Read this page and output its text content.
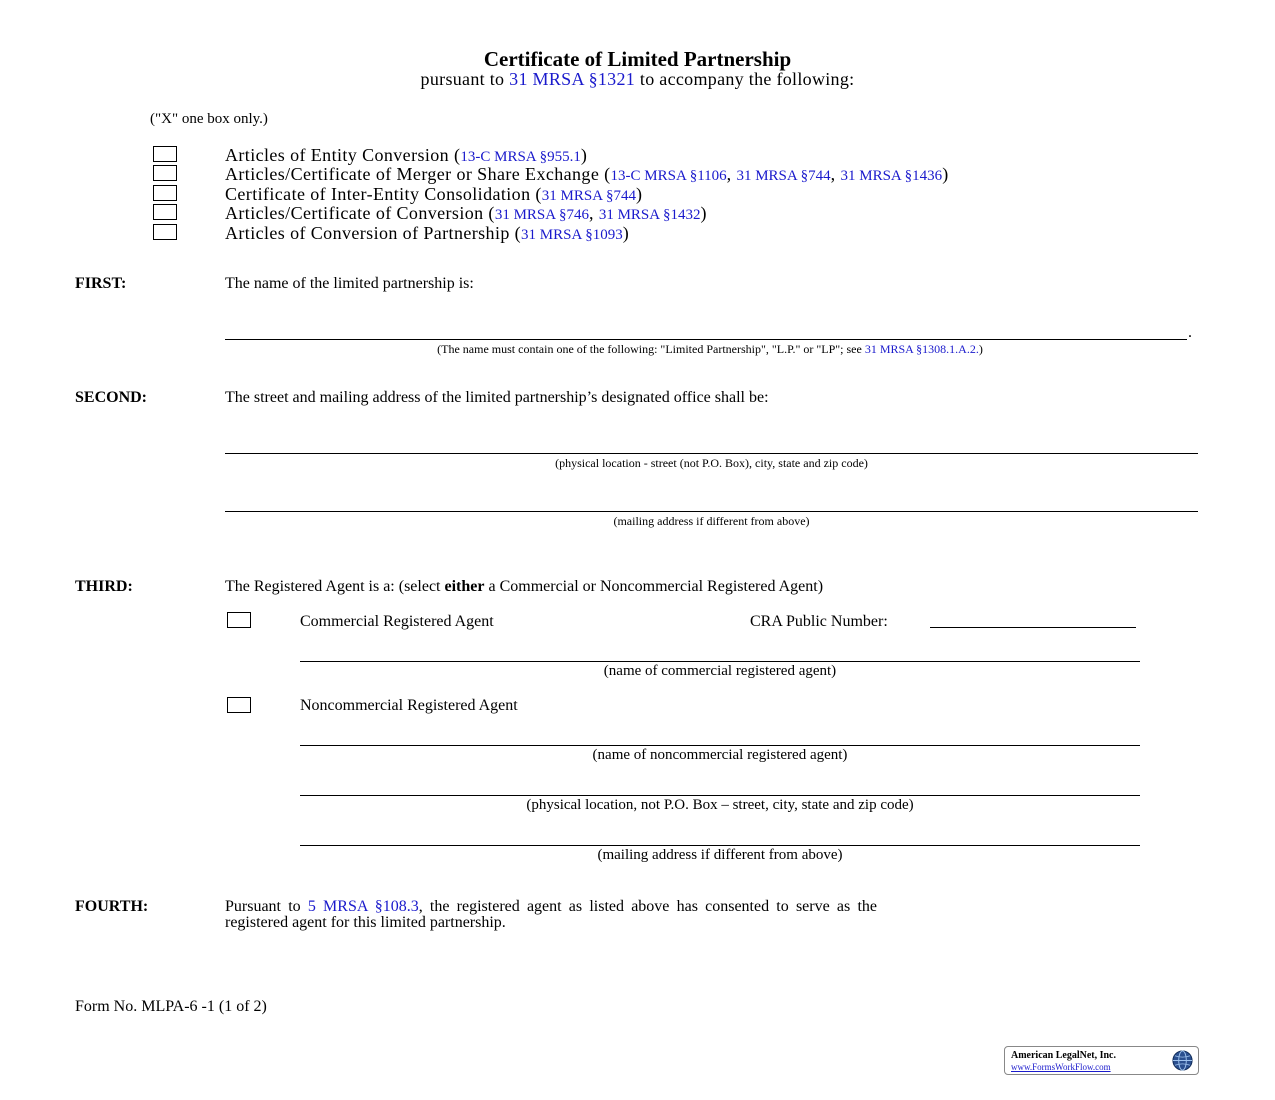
Certificate of Limited Partnership
pursuant to 31 MRSA §1321 to accompany the following:
("X" one box only.)
Articles of Entity Conversion (13-C MRSA §955.1)
Articles/Certificate of Merger or Share Exchange (13-C MRSA §1106, 31 MRSA §744, 31 MRSA §1436)
Certificate of Inter-Entity Consolidation (31 MRSA §744)
Articles/Certificate of Conversion (31 MRSA §746, 31 MRSA §1432)
Articles of Conversion of Partnership (31 MRSA §1093)
FIRST:	The name of the limited partnership is:
.
(The name must contain one of the following: "Limited Partnership", "L.P." or "LP"; see 31 MRSA §1308.1.A.2.)
SECOND:	The street and mailing address of the limited partnership’s designated office shall be:
(physical location - street (not P.O. Box), city, state and zip code)
(mailing address if different from above)
THIRD:	The Registered Agent is a: (select either a Commercial or Noncommercial Registered Agent)
Commercial Registered Agent	CRA Public Number:
(name of commercial registered agent)
Noncommercial Registered Agent
(name of noncommercial registered agent)
(physical location, not P.O. Box – street, city, state and zip code)
(mailing address if different from above)
FOURTH:	Pursuant to 5 MRSA §108.3, the registered agent as listed above has consented to serve as the
registered agent for this limited partnership.
Form No. MLPA-6 -1 (1 of 2)
American LegalNet, Inc.
www.FormsWorkFlow.com
